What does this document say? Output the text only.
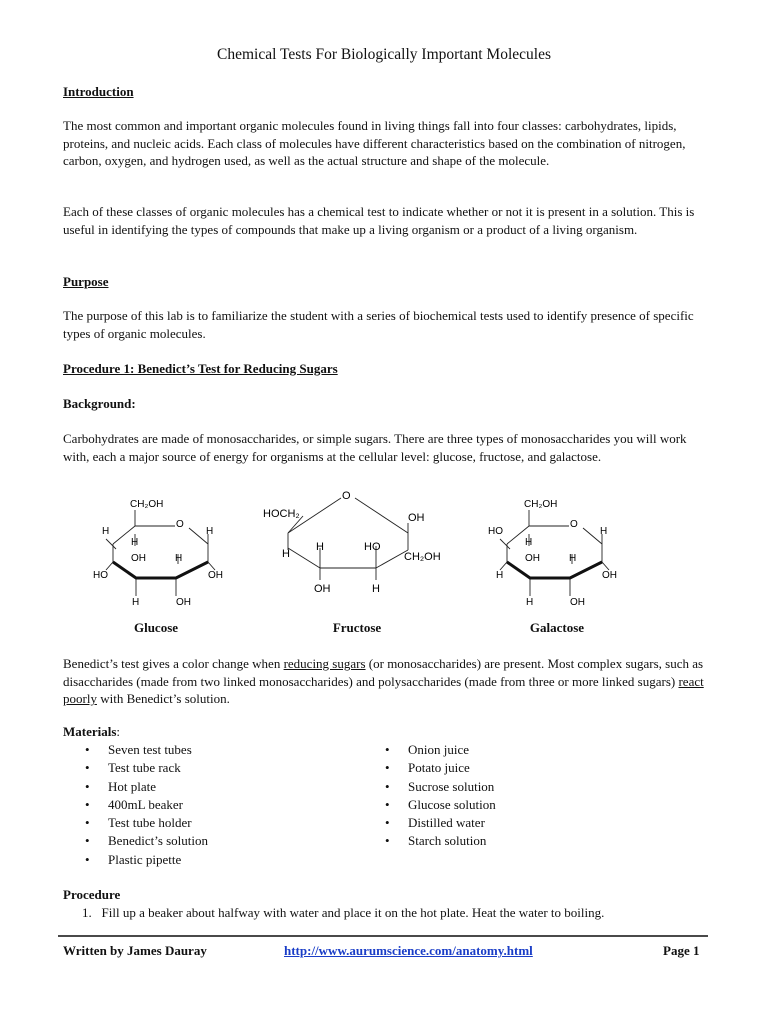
Chemical Tests For Biologically Important Molecules
Introduction

The most common and important organic molecules found in living things fall into four classes: carbohydrates, lipids, proteins, and nucleic acids. Each class of molecules have different characteristics based on the combination of nitrogen, carbon, oxygen, and hydrogen used, as well as the actual structure and shape of the molecule.

Each of these classes of organic molecules has a chemical test to indicate whether or not it is present in a solution. This is useful in identifying the types of compounds that make up a living organism or a product of a living organism.

Purpose

The purpose of this lab is to familiarize the student with a series of biochemical tests used to identify presence of specific types of organic molecules.

Procedure 1: Benedict’s Test for Reducing Sugars
Background:

Carbohydrates are made of monosaccharides, or simple sugars. There are three types of monosaccharides you will work with, each a major source of energy for organisms at the cellular level: glucose, fructose, and galactose.

CH₂OH
O
H	H
H
OH	H
HO	OH
H	OH
Glucose
O
HOCH₂	OH
H
H	HO
CH₂OH
OH	H
Fructose
CH₂OH
O
HO
H
H
OH	H
H	OH
H	OH
Galactose

Benedict’s test gives a color change when reducing sugars (or monosaccharides) are present. Most complex sugars, such as disaccharides (made from two linked monosaccharides) and polysaccharides (made from three or more linked sugars) react poorly with Benedict’s solution.

Materials:
• Seven test tubes
• Test tube rack
• Hot plate
• 400mL beaker
• Test tube holder
• Benedict’s solution
• Plastic pipette
• Onion juice
• Potato juice
• Sucrose solution
• Glucose solution
• Distilled water
• Starch solution
Procedure
1. Fill up a beaker about halfway with water and place it on the hot plate. Heat the water to boiling.
Written by James Dauray	http://www.aurumscience.com/anatomy.html	Page 1
